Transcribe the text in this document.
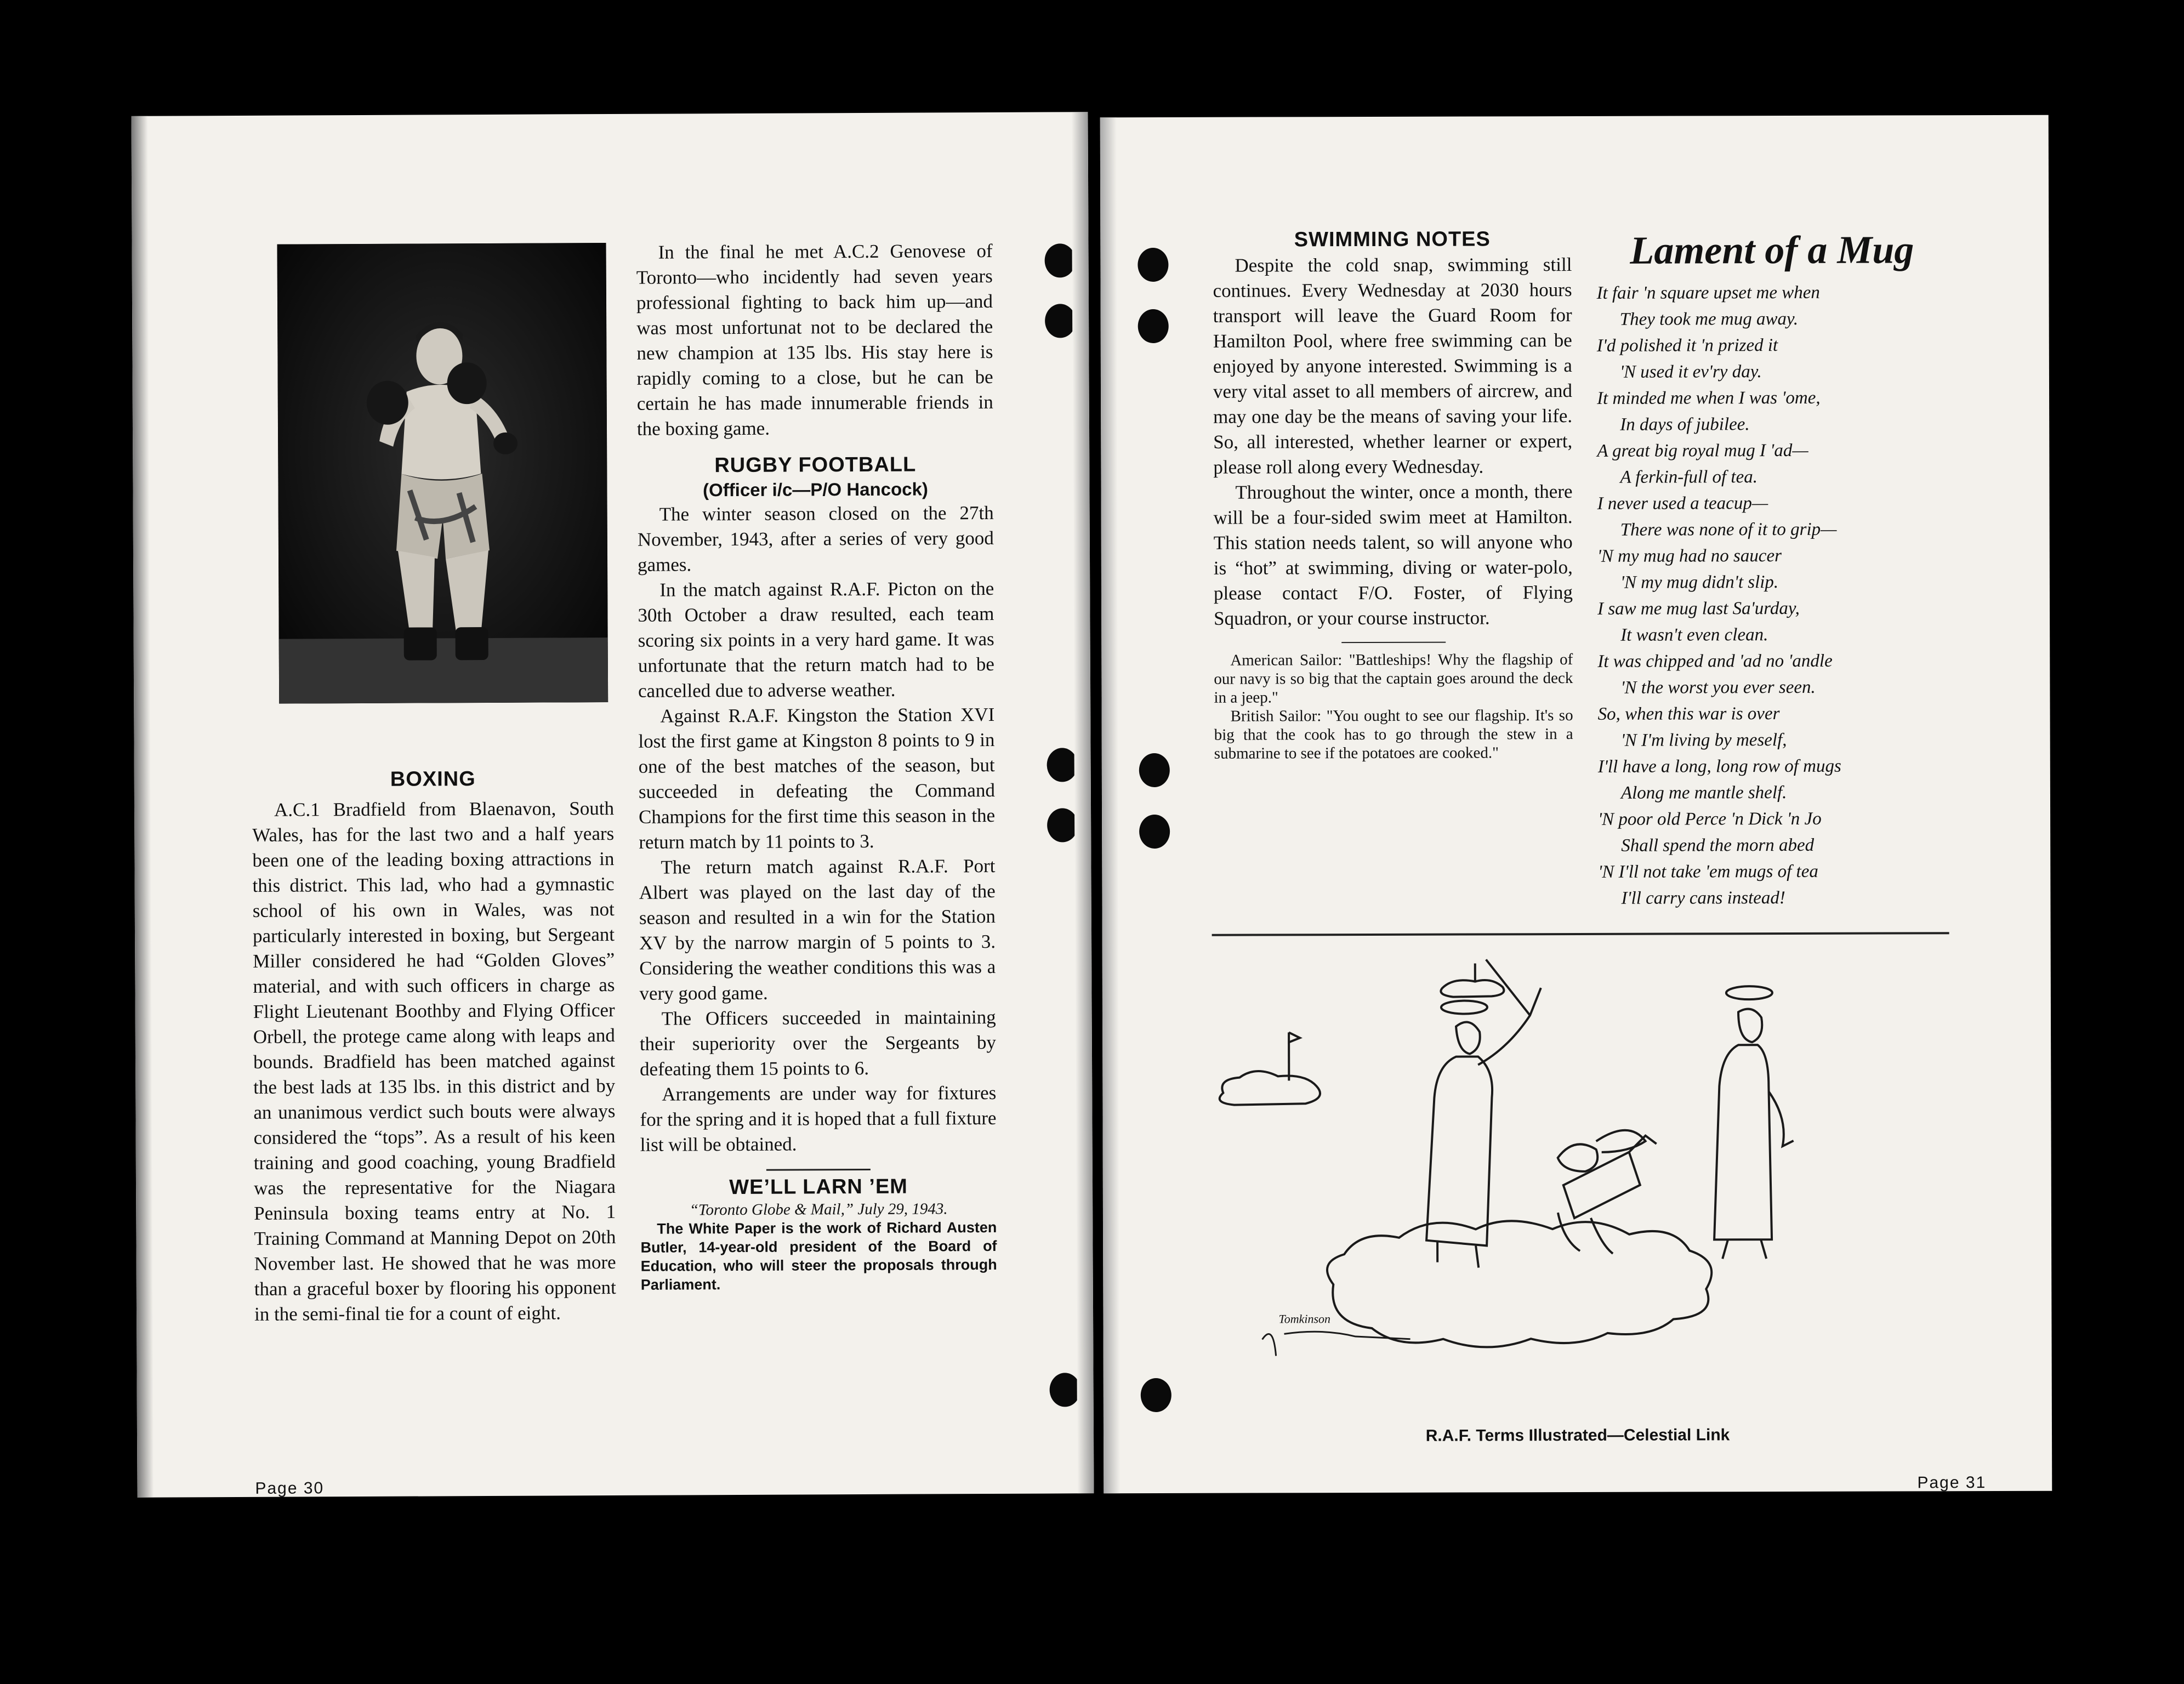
BOXING

A.C.1 Bradfield from Blaenavon, South Wales, has for the last two and a half years been one of the leading boxing attractions in this district. This lad, who had a gymnastic school of his own in Wales, was not particularly interested in boxing, but Sergeant Miller considered he had “Golden Gloves” material, and with such officers in charge as Flight Lieutenant Boothby and Flying Officer Orbell, the protege came along with leaps and bounds. Bradfield has been matched against the best lads at 135 lbs. in this district and by an unanimous verdict such bouts were always considered the “tops”. As a result of his keen training and good coaching, young Bradfield was the representative for the Niagara Peninsula boxing teams entry at No. 1 Training Command at Manning Depot on 20th November last. He showed that he was more than a graceful boxer by flooring his opponent in the semi-final tie for a count of eight.

In the final he met A.C.2 Genovese of Toronto—who incidently had seven years professional fighting to back him up—and was most unfortunat not to be declared the new champion at 135 lbs. His stay here is rapidly coming to a close, but he can be certain he has made innumerable friends in the boxing game.

RUGBY FOOTBALL

(Officer i/c—P/O Hancock)

The winter season closed on the 27th November, 1943, after a series of very good games.

In the match against R.A.F. Picton on the 30th October a draw resulted, each team scoring six points in a very hard game. It was unfortunate that the return match had to be cancelled due to adverse weather.

Against R.A.F. Kingston the Station XVI lost the first game at Kingston 8 points to 9 in one of the best matches of the season, but succeeded in defeating the Command Champions for the first time this season in the return match by 11 points to 3.

The return match against R.A.F. Port Albert was played on the last day of the season and resulted in a win for the Station XV by the narrow margin of 5 points to 3. Considering the weather conditions this was a very good game.

The Officers succeeded in maintaining their superiority over the Sergeants by defeating them 15 points to 6.

Arrangements are under way for fixtures for the spring and it is hoped that a full fixture list will be obtained.

WE’LL LARN ’EM

“Toronto Globe & Mail,” July 29, 1943.

The White Paper is the work of Richard Austen Butler, 14-year-old president of the Board of Education, who will steer the proposals through Parliament.

Page 30

SWIMMING NOTES

Despite the cold snap, swimming still continues. Every Wednesday at 2030 hours transport will leave the Guard Room for Hamilton Pool, where free swimming can be enjoyed by anyone interested. Swimming is a very vital asset to all members of aircrew, and may one day be the means of saving your life. So, all interested, whether learner or expert, please roll along every Wednesday.

Throughout the winter, once a month, there will be a four-sided swim meet at Hamilton. This station needs talent, so will anyone who is “hot” at swimming, diving or water-polo, please contact F/O. Foster, of Flying Squadron, or your course instructor.

American Sailor: "Battleships! Why the flagship of our navy is so big that the captain goes around the deck in a jeep."

British Sailor: "You ought to see our flagship. It's so big that the cook has to go through the stew in a submarine to see if the potatoes are cooked."

Lament of a Mug

It fair 'n square upset me when
They took me mug away.
I'd polished it 'n prized it
'N used it ev'ry day.
It minded me when I was 'ome,
In days of jubilee.
A great big royal mug I 'ad—
A ferkin-full of tea.
I never used a teacup—
There was none of it to grip—
'N my mug had no saucer
'N my mug didn't slip.
I saw me mug last Sa'urday,
It wasn't even clean.
It was chipped and 'ad no 'andle
'N the worst you ever seen.
So, when this war is over
'N I'm living by meself,
I'll have a long, long row of mugs
Along me mantle shelf.
'N poor old Perce 'n Dick 'n Jo
Shall spend the morn abed
'N I'll not take 'em mugs of tea
I'll carry cans instead!
Tomkinson
R.A.F. Terms Illustrated—Celestial Link
Page 31
